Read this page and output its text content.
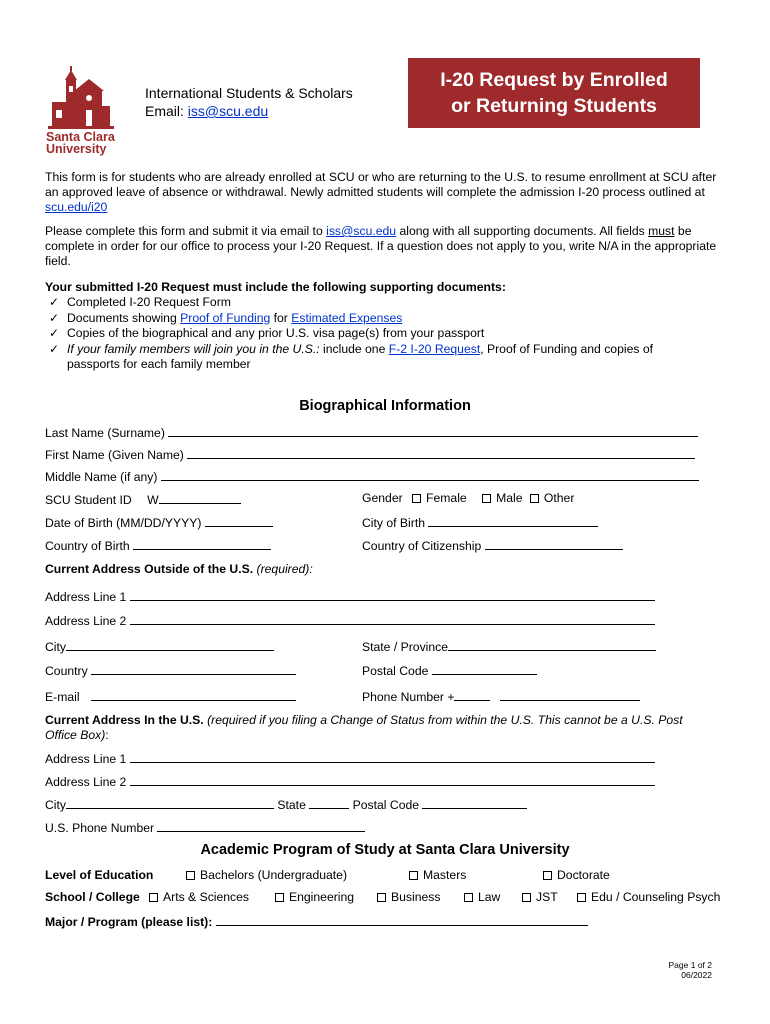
Santa Clara
University
International Students & Scholars
Email: iss@scu.edu
I-20 Request by Enrolled
or Returning Students
This form is for students who are already enrolled at SCU or who are returning to the U.S. to resume enrollment at SCU after an approved leave of absence or withdrawal. Newly admitted students will complete the admission I-20 process outlined at scu.edu/i20
Please complete this form and submit it via email to iss@scu.edu along with all supporting documents. All fields must be complete in order for our office to process your I-20 Request. If a question does not apply to you, write N/A in the appropriate field.
Your submitted I-20 Request must include the following supporting documents:
✓ Completed I-20 Request Form
✓ Documents showing Proof of Funding for Estimated Expenses
✓ Copies of the biographical and any prior U.S. visa page(s) from your passport
✓ If your family members will join you in the U.S.: include one F-2 I-20 Request, Proof of Funding and copies of
passports for each family member
Biographical Information
Last Name (Surname)
First Name (Given Name)
Middle Name (if any)
SCU Student ID W	Gender Female Male Other
Date of Birth (MM/DD/YYYY)	City of Birth
Country of Birth	Country of Citizenship
Current Address Outside of the U.S. (required):
Address Line 1
Address Line 2
City	State / Province
Country	Postal Code
E-mail	Phone Number +
Current Address In the U.S. (required if you filing a Change of Status from within the U.S. This cannot be a U.S. Post
Office Box):
Address Line 1
Address Line 2
City	State	Postal Code
U.S. Phone Number
Academic Program of Study at Santa Clara University
Level of Education	Bachelors (Undergraduate)	Masters	Doctorate
School / College	Arts & Sciences	Engineering	Business	Law	JST	Edu / Counseling Psych
Major / Program (please list):
Page 1 of 2
06/2022
